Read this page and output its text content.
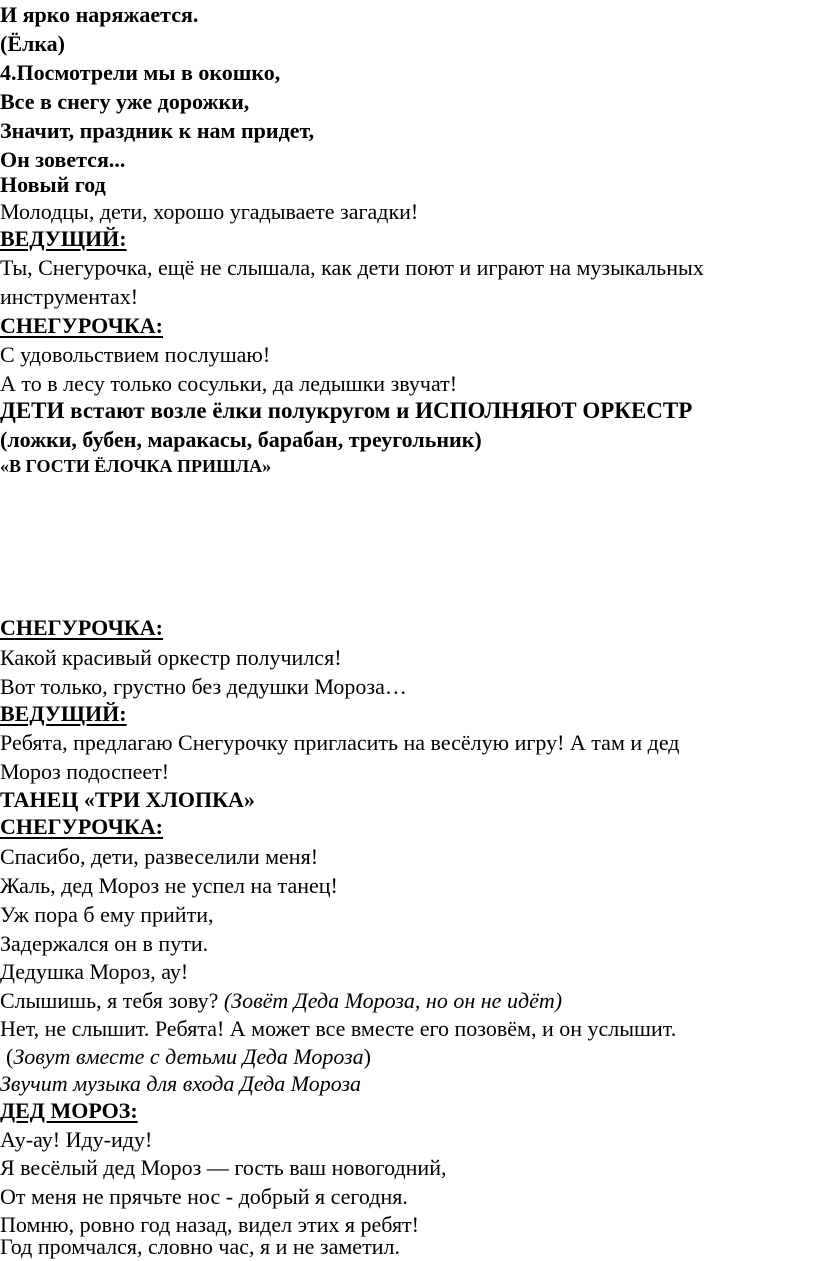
И ярко наряжается.

(Ёлка)

4.Посмотрели мы в окошко,

Все в снегу уже дорожки,

Значит, праздник к нам придет,

Он зовется...

Новый год

Молодцы, дети, хорошо угадываете загадки!

ВЕДУЩИЙ:

Ты, Снегурочка, ещё не слышала, как дети поют и играют на музыкальных

инструментах!

СНЕГУРОЧКА:

С удовольствием послушаю!

А то в лесу только сосульки, да ледышки звучат!

ДЕТИ встают возле ёлки полукругом и ИСПОЛНЯЮТ ОРКЕСТР

(ложки, бубен, маракасы, барабан, треугольник)

«В ГОСТИ ЁЛОЧКА ПРИШЛА»

СНЕГУРОЧКА:

Какой красивый оркестр получился!

Вот только, грустно без дедушки Мороза…

ВЕДУЩИЙ:

Ребята, предлагаю Снегурочку пригласить на весёлую игру! А там и дед

Мороз подоспеет!

ТАНЕЦ «ТРИ ХЛОПКА»

СНЕГУРОЧКА:

Спасибо, дети, развеселили меня!

Жаль, дед Мороз не успел на танец!

Уж пора б ему прийти,

Задержался он в пути.

Дедушка Мороз, ау!

Слышишь, я тебя зову? (Зовёт Деда Мороза, но он не идёт)

Нет, не слышит. Ребята! А может все вместе его позовём, и он услышит.

(Зовут вместе с детьми Деда Мороза)

Звучит музыка для входа Деда Мороза

ДЕД МОРОЗ:

Ау-ау! Иду-иду!

Я весёлый дед Мороз — гость ваш новогодний,

От меня не прячьте нос - добрый я сегодня.

Помню, ровно год назад, видел этих я ребят!

Год промчался, словно час, я и не заметил.
